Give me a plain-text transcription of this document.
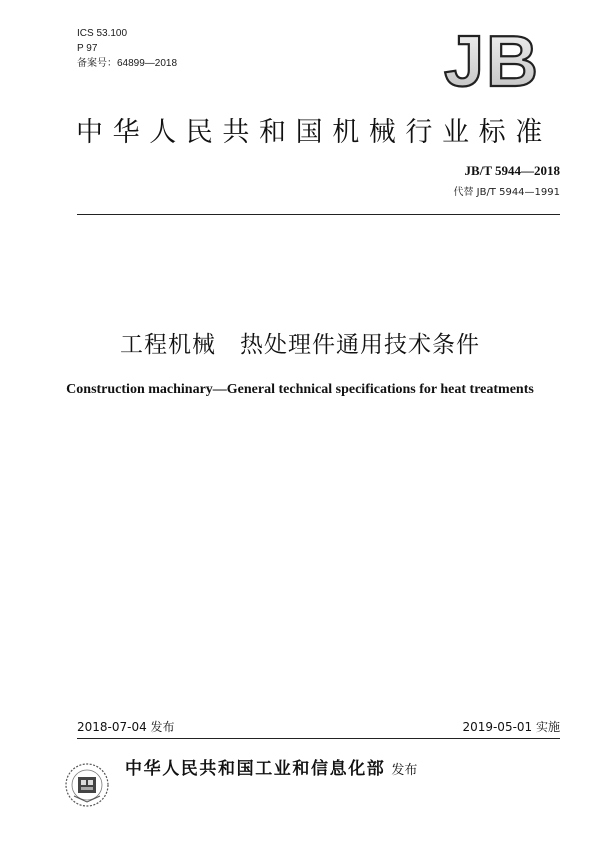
ICS 53.100
P 97
备案号：64899—2018	JB
中华人民共和国机械行业标准
JB/T 5944—2018
代替 JB/T 5944—1991
工程机械　热处理件通用技术条件
Construction machinary—General technical specifications for heat treatments
2018-07-04 发布	2019-05-01 实施
中华人民共和国工业和信息化部 发布
